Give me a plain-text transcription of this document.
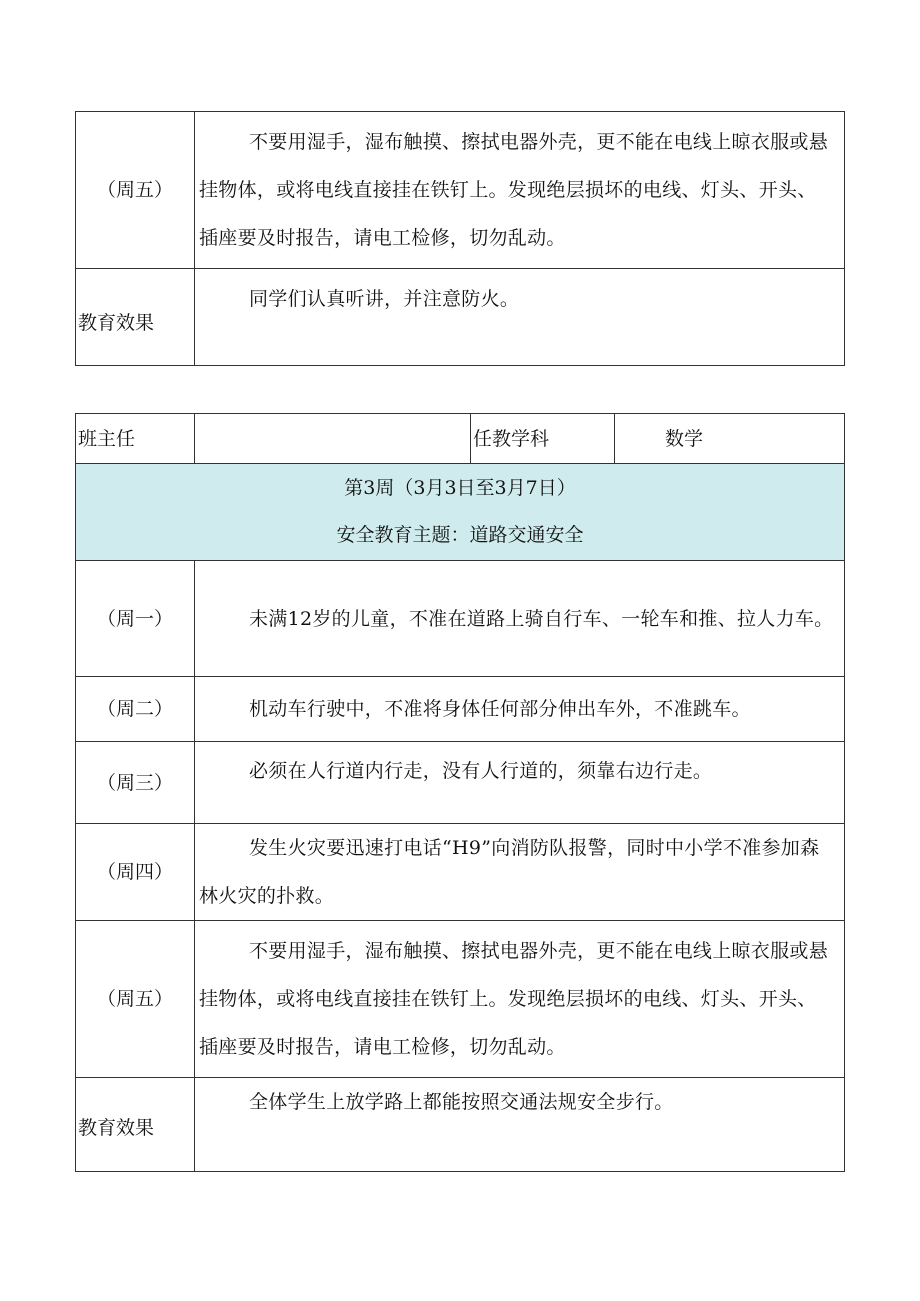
（周五）	不要用湿手，湿布触摸、擦拭电器外壳，更不能在电线上晾衣服或悬挂物体，或将电线直接挂在铁钉上。发现绝层损坏的电线、灯头、开头、插座要及时报告，请电工检修，切勿乱动。
教育效果	同学们认真听讲，并注意防火。
班主任		任教学科	数学

第3周（3月3日至3月7日）
安全教育主题：道路交通安全			

（周一）	未满12岁的儿童，不准在道路上骑自行车、一轮车和推、拉人力车。		
（周二）	机动车行驶中，不准将身体任何部分伸出车外，不准跳车。		
（周三）	必须在人行道内行走，没有人行道的，须靠右边行走。		
（周四）	发生火灾要迅速打电话“H9”向消防队报警，同时中小学不准参加森林火灾的扑救。		
（周五）	不要用湿手，湿布触摸、擦拭电器外壳，更不能在电线上晾衣服或悬挂物体，或将电线直接挂在铁钉上。发现绝层损坏的电线、灯头、开头、插座要及时报告，请电工检修，切勿乱动。		
教育效果	全体学生上放学路上都能按照交通法规安全步行。		
